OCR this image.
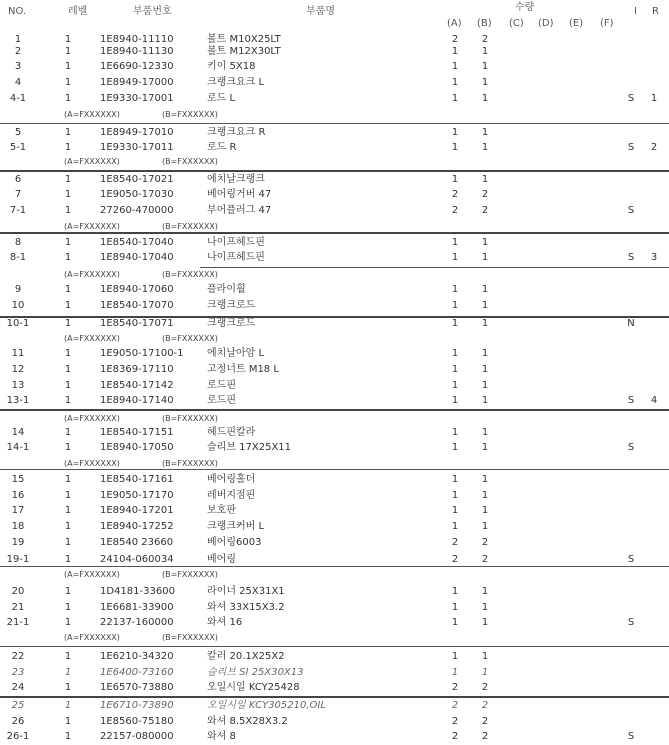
NO.	레벨	부품번호	부품명	수량
(A) (B) (C) (D) (E) (F)
I R
1	1	1E8940-11110	볼트 M10X25LT	2	2
2	1	1E8940-11130	볼트 M12X30LT	1	1
3	1	1E6690-12330	키이 5X18	1	1
4	1	1E8949-17000	크랭크요크 L	1	1
4-1	1	1E9330-17001	로드 L	1	1	S	1
5	1	1E8949-17010	크랭크요크 R	1	1
5-1	1	1E9330-17011	로드 R	1	1	S	2
6	1	1E8540-17021	에치날크랭크	1	1
7	1	1E9050-17030	베어링거버 47	2	2
7-1	1	27260-470000	부어플러그 47	2	2	S
8	1	1E8540-17040	나이프헤드핀	1	1
8-1	1	1E8940-17040	나이프헤드핀	1	1	S	3
9	1	1E8940-17060	플라이휠	1	1
10	1	1E8540-17070	크랭크로드	1	1
10-1	1	1E8540-17071	크랭크로드	1	1	N
11	1	1E9050-17100-1	에치날아암 L	1	1
12	1	1E8369-17110	고정너트 M18 L	1	1
13	1	1E8540-17142	로드핀	1	1
13-1	1	1E8940-17140	로드핀	1	1	S	4
14	1	1E8540-17151	헤드핀칼라	1	1
14-1	1	1E8940-17050	슬리브 17X25X11	1	1	S
15	1	1E8540-17161	베어링홀더	1	1
16	1	1E9050-17170	레버지점핀	1	1
17	1	1E8940-17201	보호판	1	1
18	1	1E8940-17252	크랭크커버 L	1	1
19	1	1E8540 23660	베어링6003	2	2
19-1	1	24104-060034	베어링	2	2	S
20	1	1D4181-33600	라이너 25X31X1	1	1
21	1	1E6681-33900	와셔 33X15X3.2	1	1
21-1	1	22137-160000	와셔 16	1	1	S
22	1	1E6210-34320	칼러 20.1X25X2	1	1
23	1	1E6400-73160	슬리브 SI 25X30X13	1	1
24	1	1E6570-73880	오일시일 KCY25428	2	2
25	1	1E6710-73890	오일시일 KCY305210,OIL	2	2
26	1	1E8560-75180	와셔 8.5X28X3.2	2	2
26-1	1	22157-080000	와셔 8	2	2	S
(A=FXXXXXX)	(B=FXXXXXX)
(A=FXXXXXX)	(B=FXXXXXX)
(A=FXXXXXX)	(B=FXXXXXX)
(A=FXXXXXX)	(B=FXXXXXX)
(A=FXXXXXX)	(B=FXXXXXX)
(A=FXXXXXX)	(B=FXXXXXX)
(A=FXXXXXX)	(B=FXXXXXX)
(A=FXXXXXX)	(B=FXXXXXX)
(A=FXXXXXX)	(B=FXXXXXX)
